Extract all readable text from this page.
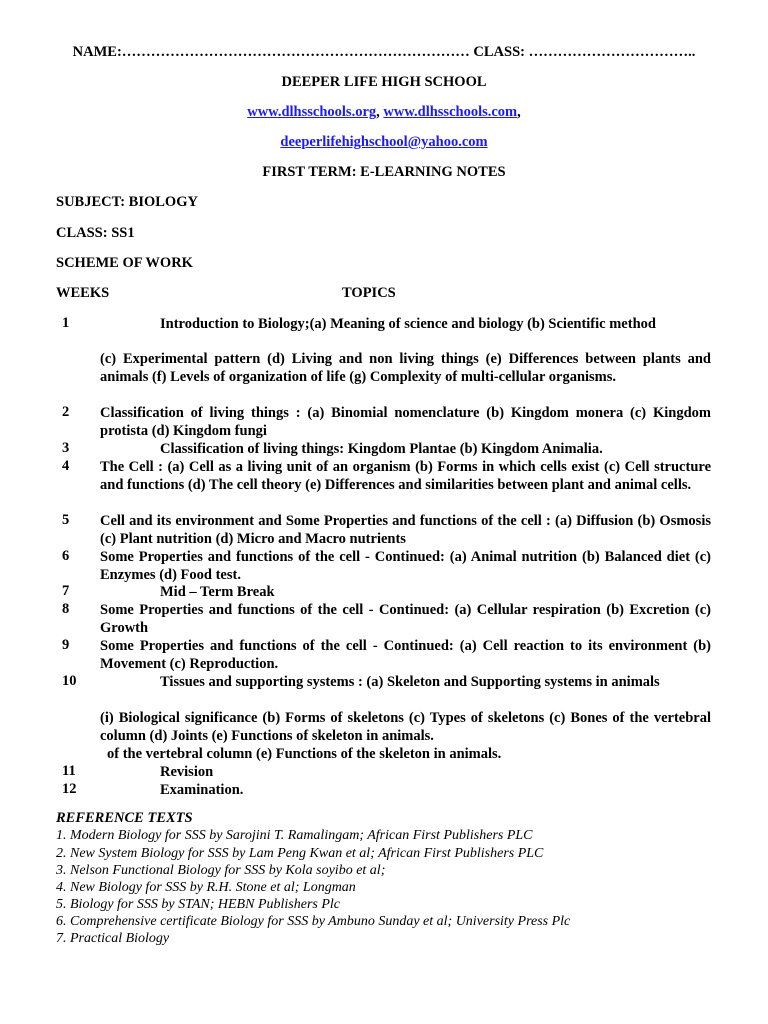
NAME:……………………………………………………………… CLASS: ……………………………..
DEEPER LIFE HIGH SCHOOL
www.dlhsschools.org, www.dlhsschools.com,
deeperlifehighschool@yahoo.com
FIRST TERM: E-LEARNING NOTES
SUBJECT: BIOLOGY
CLASS: SS1
SCHEME OF WORK
WEEKS	TOPICS
1	Introduction to Biology;(a) Meaning of science and biology (b) Scientific method
(c) Experimental pattern (d) Living and non living things (e) Differences between plants and animals (f) Levels of organization of life (g) Complexity of multi-cellular organisms.
2 Classification of living things : (a) Binomial nomenclature (b) Kingdom monera (c) Kingdom protista (d) Kingdom fungi
3	Classification of living things: Kingdom Plantae (b) Kingdom Animalia.
4 The Cell : (a) Cell as a living unit of an organism (b) Forms in which cells exist (c) Cell structure and functions (d) The cell theory (e) Differences and similarities between plant and animal cells.
5 Cell and its environment and Some Properties and functions of the cell : (a) Diffusion (b) Osmosis (c) Plant nutrition (d) Micro and Macro nutrients
6 Some Properties and functions of the cell - Continued: (a) Animal nutrition (b) Balanced diet (c) Enzymes (d) Food test.
7	Mid – Term Break
8 Some Properties and functions of the cell - Continued: (a) Cellular respiration (b) Excretion (c) Growth
9 Some Properties and functions of the cell - Continued: (a) Cell reaction to its environment (b) Movement (c) Reproduction.
10	Tissues and supporting systems : (a) Skeleton and Supporting systems in animals
(i) Biological significance (b) Forms of skeletons (c) Types of skeletons (c) Bones of the vertebral column (d) Joints (e) Functions of skeleton in animals.
of the vertebral column (e) Functions of the skeleton in animals.
11	Revision
12	Examination.
REFERENCE TEXTS
1. Modern Biology for SSS by Sarojini T. Ramalingam; African First Publishers PLC
2. New System Biology for SSS by Lam Peng Kwan et al; African First Publishers PLC
3. Nelson Functional Biology for SSS by Kola soyibo et al;
4. New Biology for SSS by R.H. Stone et al; Longman
5. Biology for SSS by STAN; HEBN Publishers Plc
6. Comprehensive certificate Biology for SSS by Ambuno Sunday et al; University Press Plc
7. Practical Biology
